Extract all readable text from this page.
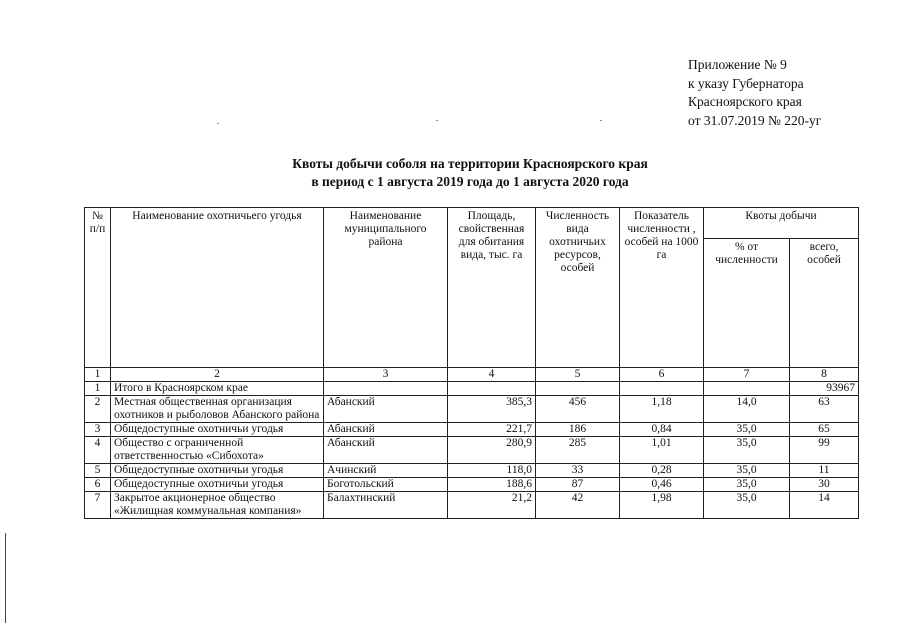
Приложение № 9
к указу Губернатора
Красноярского края
от 31.07.2019 № 220-уг
Квоты добычи соболя на территории Красноярского края
в период с 1 августа 2019 года до 1 августа 2020 года
№ п/п	Наименование охотничьего угодья	Наименование муниципального района	Площадь, свойственная для обитания вида, тыс. га	Численность вида охотничьих ресурсов, особей	Показатель численности , особей на 1000 га	Квоты добычи	
						% от численности	всего, особей
1	2	3	4	5	6	7	8
1	Итого в Красноярском крае						93967
2	Местная общественная организация охотников и рыболовов Абанского района	Абанский	385,3	456	1,18	14,0	63
3	Общедоступные охотничьи угодья	Абанский	221,7	186	0,84	35,0	65
4	Общество с ограниченной ответственностью «Сибохота»	Абанский	280,9	285	1,01	35,0	99
5	Общедоступные охотничьи угодья	Ачинский	118,0	33	0,28	35,0	11
6	Общедоступные охотничьи угодья	Боготольский	188,6	87	0,46	35,0	30
7	Закрытое акционерное общество «Жилищная коммунальная компания»	Балахтинский	21,2	42	1,98	35,0	14
